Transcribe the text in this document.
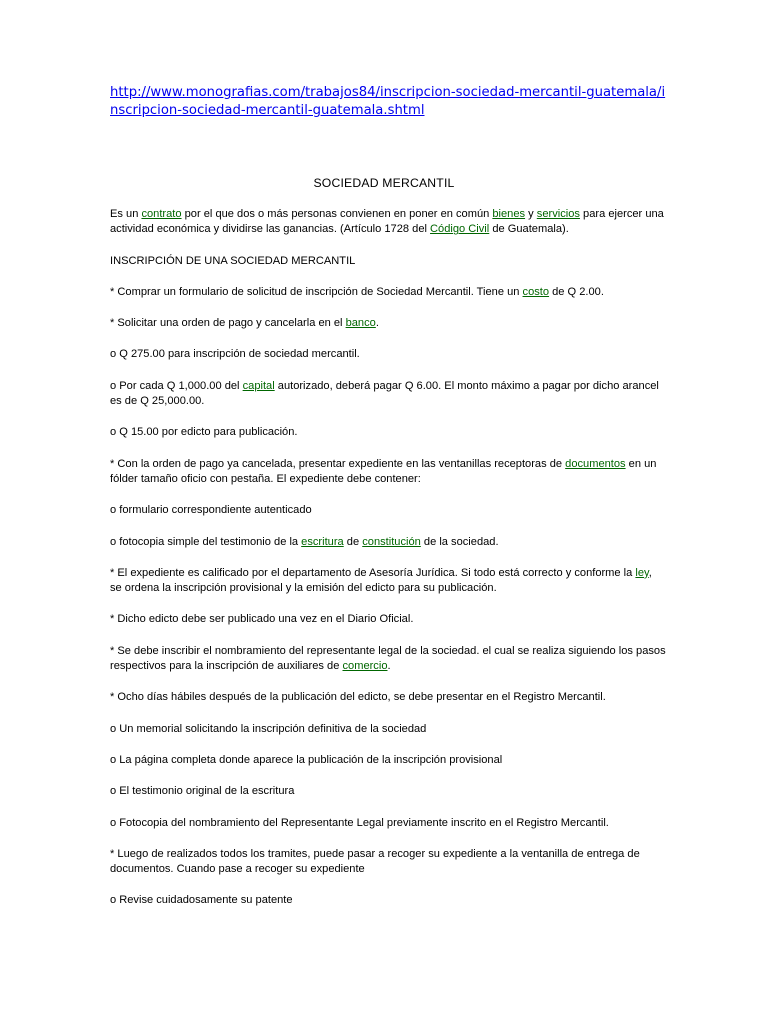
http://www.monografias.com/trabajos84/inscripcion-sociedad-mercantil-guatemala/inscripcion-sociedad-mercantil-guatemala.shtml
SOCIEDAD MERCANTIL

Es un contrato por el que dos o más personas convienen en poner en común bienes y servicios para ejercer una actividad económica y dividirse las ganancias. (Artículo 1728 del Código Civil de Guatemala).

INSCRIPCIÓN DE UNA SOCIEDAD MERCANTIL

* Comprar un formulario de solicitud de inscripción de Sociedad Mercantil. Tiene un costo de Q 2.00.

* Solicitar una orden de pago y cancelarla en el banco.

o Q 275.00 para inscripción de sociedad mercantil.

o Por cada Q 1,000.00 del capital autorizado, deberá pagar Q 6.00. El monto máximo a pagar por dicho arancel es de Q 25,000.00.

o Q 15.00 por edicto para publicación.

* Con la orden de pago ya cancelada, presentar expediente en las ventanillas receptoras de documentos en un fólder tamaño oficio con pestaña. El expediente debe contener:

o formulario correspondiente autenticado

o fotocopia simple del testimonio de la escritura de constitución de la sociedad.

* El expediente es calificado por el departamento de Asesoría Jurídica. Si todo está correcto y conforme la ley, se ordena la inscripción provisional y la emisión del edicto para su publicación.

* Dicho edicto debe ser publicado una vez en el Diario Oficial.

* Se debe inscribir el nombramiento del representante legal de la sociedad. el cual se realiza siguiendo los pasos respectivos para la inscripción de auxiliares de comercio.

* Ocho días hábiles después de la publicación del edicto, se debe presentar en el Registro Mercantil.

o Un memorial solicitando la inscripción definitiva de la sociedad

o La página completa donde aparece la publicación de la inscripción provisional

o El testimonio original de la escritura

o Fotocopia del nombramiento del Representante Legal previamente inscrito en el Registro Mercantil.

* Luego de realizados todos los tramites, puede pasar a recoger su expediente a la ventanilla de entrega de documentos. Cuando pase a recoger su expediente

o Revise cuidadosamente su patente
